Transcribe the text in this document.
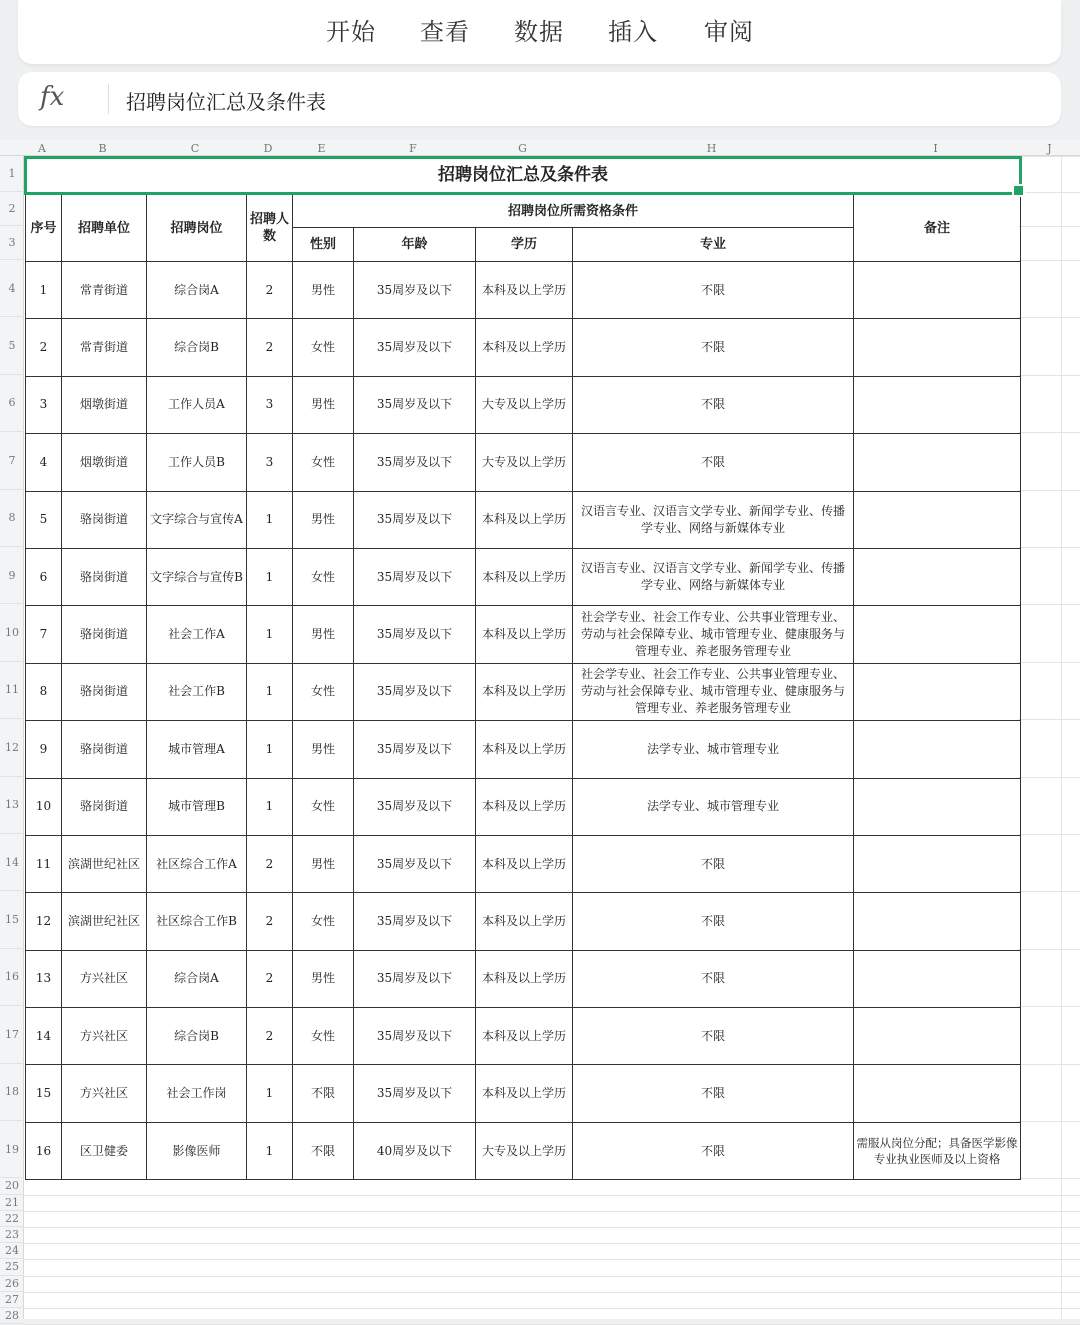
开始 查看 数据 插入 审阅
fx	招聘岗位汇总及条件表
A	B	C	D	E	F	G	H	I	J
1
2
3
4
5
6
7
8
9
10
11
12
13
14
15
16
17
18
19
20
21
22
23
24
25
26
27
28
招聘岗位汇总及条件表								
序号	招聘单位	招聘岗位	招聘人数	招聘岗位所需资格条件				备注
				性别	年龄	学历	专业	
1	常青街道	综合岗A	2	男性	35周岁及以下	本科及以上学历	不限	
2	常青街道	综合岗B	2	女性	35周岁及以下	本科及以上学历	不限	
3	烟墩街道	工作人员A	3	男性	35周岁及以下	大专及以上学历	不限	
4	烟墩街道	工作人员B	3	女性	35周岁及以下	大专及以上学历	不限	
5	骆岗街道	文字综合与宣传A	1	男性	35周岁及以下	本科及以上学历	汉语言专业、汉语言文学专业、新闻学专业、传播学专业、网络与新媒体专业	
6	骆岗街道	文字综合与宣传B	1	女性	35周岁及以下	本科及以上学历	汉语言专业、汉语言文学专业、新闻学专业、传播学专业、网络与新媒体专业	
7	骆岗街道	社会工作A	1	男性	35周岁及以下	本科及以上学历	社会学专业、社会工作专业、公共事业管理专业、劳动与社会保障专业、城市管理专业、健康服务与管理专业、养老服务管理专业	
8	骆岗街道	社会工作B	1	女性	35周岁及以下	本科及以上学历	社会学专业、社会工作专业、公共事业管理专业、劳动与社会保障专业、城市管理专业、健康服务与管理专业、养老服务管理专业	
9	骆岗街道	城市管理A	1	男性	35周岁及以下	本科及以上学历	法学专业、城市管理专业	
10	骆岗街道	城市管理B	1	女性	35周岁及以下	本科及以上学历	法学专业、城市管理专业	
11	滨湖世纪社区	社区综合工作A	2	男性	35周岁及以下	本科及以上学历	不限	
12	滨湖世纪社区	社区综合工作B	2	女性	35周岁及以下	本科及以上学历	不限	
13	方兴社区	综合岗A	2	男性	35周岁及以下	本科及以上学历	不限	
14	方兴社区	综合岗B	2	女性	35周岁及以下	本科及以上学历	不限	
15	方兴社区	社会工作岗	1	不限	35周岁及以下	本科及以上学历	不限	
16	区卫健委	影像医师	1	不限	40周岁及以下	大专及以上学历	不限	需服从岗位分配；具备医学影像专业执业医师及以上资格
